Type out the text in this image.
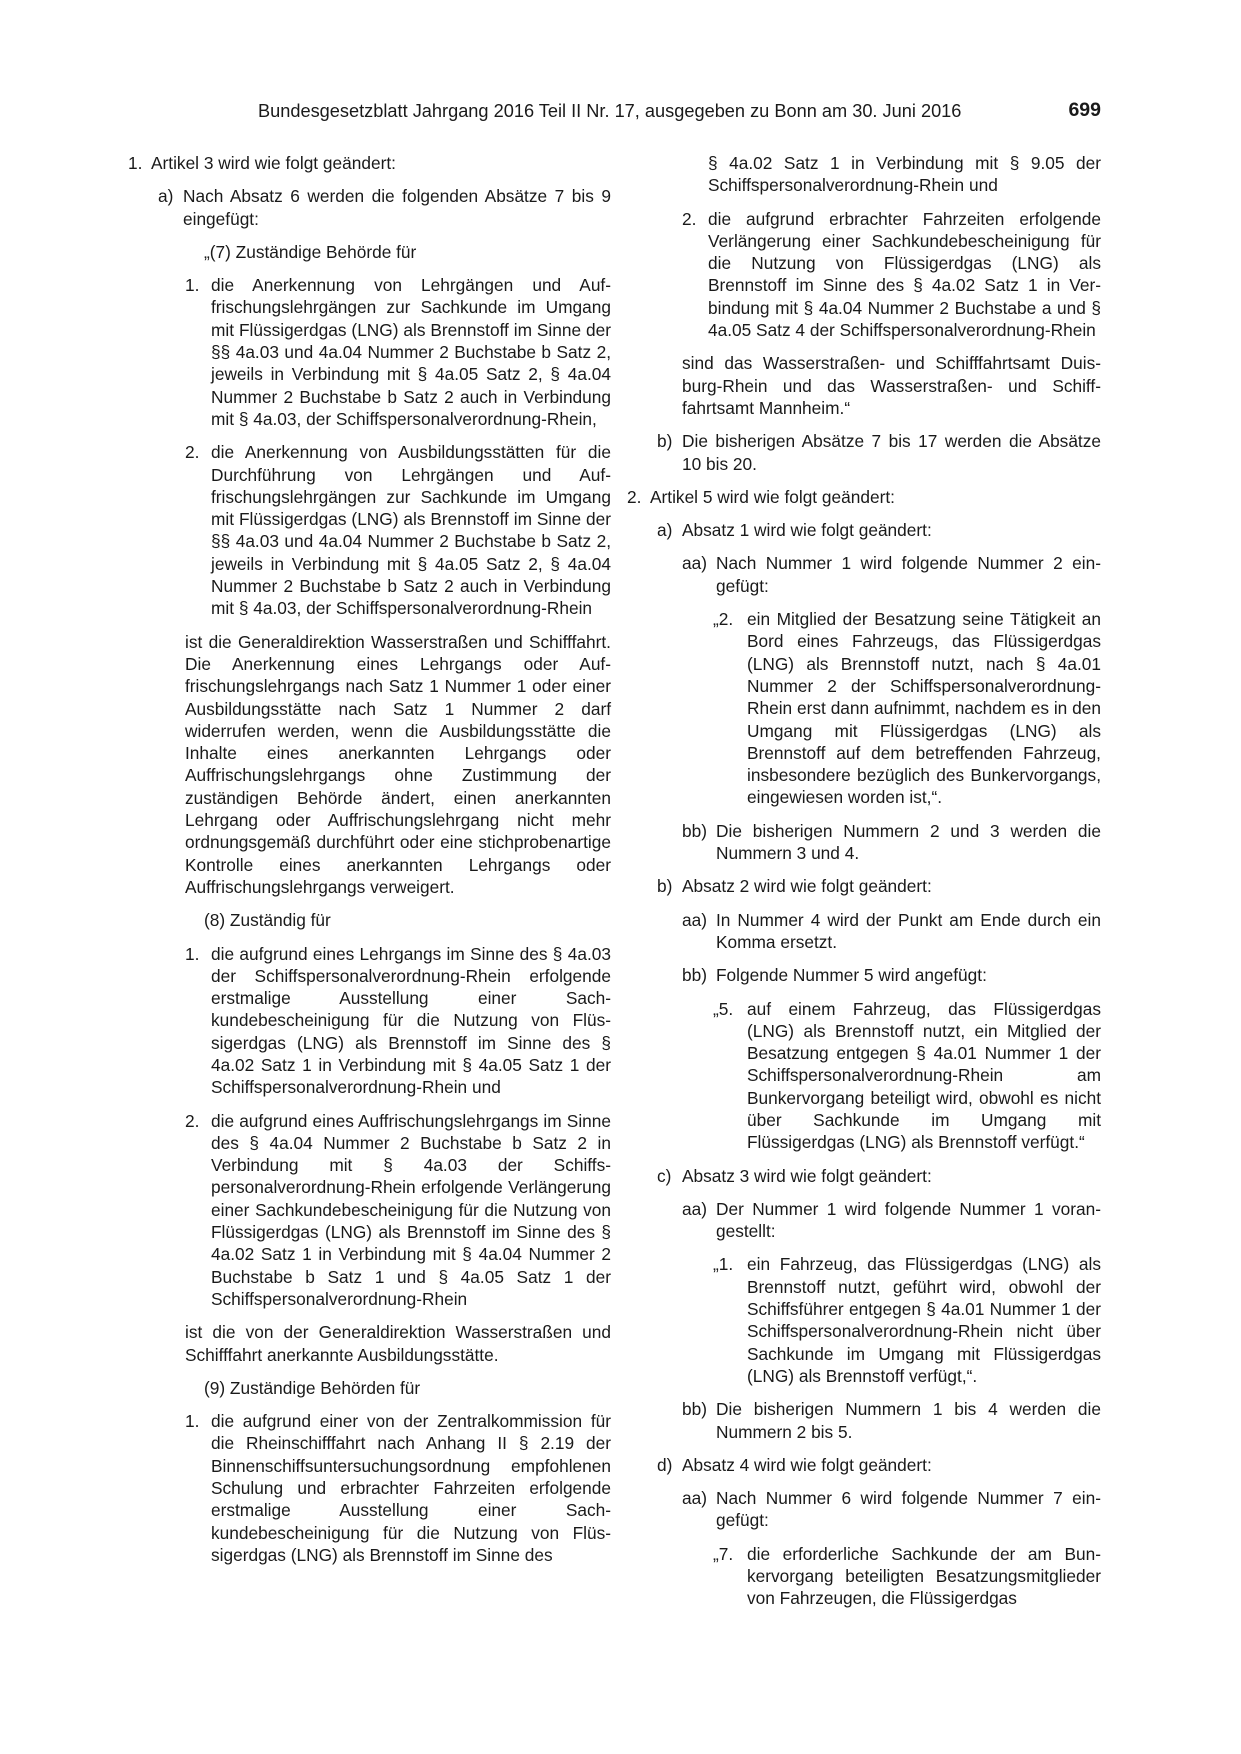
Bundesgesetzblatt Jahrgang 2016 Teil II Nr. 17, ausgegeben zu Bonn am 30. Juni 2016	699
1. Artikel 3 wird wie folgt geändert:
a) Nach Absatz 6 werden die folgenden Absätze 7 bis 9 eingefügt:
„(7) Zuständige Behörde für
1. die Anerkennung von Lehrgängen und Auffrischungslehrgängen zur Sachkunde im Umgang mit Flüssigerdgas (LNG) als Brennstoff im Sinne der §§ 4a.03 und 4a.04 Nummer 2 Buchstabe b Satz 2, jeweils in Verbindung mit § 4a.05 Satz 2, § 4a.04 Nummer 2 Buchstabe b Satz 2 auch in Verbindung mit § 4a.03, der Schiffspersonalverordnung-Rhein,
2. die Anerkennung von Ausbildungsstätten für die Durchführung von Lehrgängen und Auffrischungslehrgängen zur Sachkunde im Umgang mit Flüssigerdgas (LNG) als Brennstoff im Sinne der §§ 4a.03 und 4a.04 Nummer 2 Buchstabe b Satz 2, jeweils in Verbindung mit § 4a.05 Satz 2, § 4a.04 Nummer 2 Buchstabe b Satz 2 auch in Verbindung mit § 4a.03, der Schiffspersonalverordnung-Rhein
ist die Generaldirektion Wasserstraßen und Schifffahrt. Die Anerkennung eines Lehrgangs oder Auffrischungslehrgangs nach Satz 1 Nummer 1 oder einer Ausbildungsstätte nach Satz 1 Nummer 2 darf widerrufen werden, wenn die Ausbildungsstätte die Inhalte eines anerkannten Lehrgangs oder Auffrischungslehrgangs ohne Zustimmung der zuständigen Behörde ändert, einen anerkannten Lehrgang oder Auffrischungslehrgang nicht mehr ordnungsgemäß durchführt oder eine stichprobenartige Kontrolle eines anerkannten Lehrgangs oder Auffrischungslehrgangs verweigert.
(8) Zuständig für
1. die aufgrund eines Lehrgangs im Sinne des § 4a.03 der Schiffspersonalverordnung-Rhein erfolgende erstmalige Ausstellung einer Sachkundebescheinigung für die Nutzung von Flüssigerdgas (LNG) als Brennstoff im Sinne des § 4a.02 Satz 1 in Verbindung mit § 4a.05 Satz 1 der Schiffspersonalverordnung-Rhein und
2. die aufgrund eines Auffrischungslehrgangs im Sinne des § 4a.04 Nummer 2 Buchstabe b Satz 2 in Verbindung mit § 4a.03 der Schiffspersonalverordnung-Rhein erfolgende Verlängerung einer Sachkundebescheinigung für die Nutzung von Flüssigerdgas (LNG) als Brennstoff im Sinne des § 4a.02 Satz 1 in Verbindung mit § 4a.04 Nummer 2 Buchstabe b Satz 1 und § 4a.05 Satz 1 der Schiffspersonalverordnung-Rhein
ist die von der Generaldirektion Wasserstraßen und Schifffahrt anerkannte Ausbildungsstätte.
(9) Zuständige Behörden für
1. die aufgrund einer von der Zentralkommission für die Rheinschifffahrt nach Anhang II § 2.19 der Binnenschiffsuntersuchungsordnung empfohlenen Schulung und erbrachter Fahrzeiten erfolgende erstmalige Ausstellung einer Sachkundebescheinigung für die Nutzung von Flüssigerdgas (LNG) als Brennstoff im Sinne des
§ 4a.02 Satz 1 in Verbindung mit § 9.05 der Schiffspersonalverordnung-Rhein und
2. die aufgrund erbrachter Fahrzeiten erfolgende Verlängerung einer Sachkundebescheinigung für die Nutzung von Flüssigerdgas (LNG) als Brennstoff im Sinne des § 4a.02 Satz 1 in Verbindung mit § 4a.04 Nummer 2 Buchstabe a und § 4a.05 Satz 4 der Schiffspersonalverordnung-Rhein
sind das Wasserstraßen- und Schifffahrtsamt Duisburg-Rhein und das Wasserstraßen- und Schifffahrtsamt Mannheim.“
b) Die bisherigen Absätze 7 bis 17 werden die Absätze 10 bis 20.
2. Artikel 5 wird wie folgt geändert:
a) Absatz 1 wird wie folgt geändert:
aa) Nach Nummer 1 wird folgende Nummer 2 eingefügt:
„2. ein Mitglied der Besatzung seine Tätigkeit an Bord eines Fahrzeugs, das Flüssigerdgas (LNG) als Brennstoff nutzt, nach § 4a.01 Nummer 2 der Schiffspersonalverordnung-Rhein erst dann aufnimmt, nachdem es in den Umgang mit Flüssigerdgas (LNG) als Brennstoff auf dem betreffenden Fahrzeug, insbesondere bezüglich des Bunkervorgangs, eingewiesen worden ist,“.
bb) Die bisherigen Nummern 2 und 3 werden die Nummern 3 und 4.
b) Absatz 2 wird wie folgt geändert:
aa) In Nummer 4 wird der Punkt am Ende durch ein Komma ersetzt.
bb) Folgende Nummer 5 wird angefügt:
„5. auf einem Fahrzeug, das Flüssigerdgas (LNG) als Brennstoff nutzt, ein Mitglied der Besatzung entgegen § 4a.01 Nummer 1 der Schiffspersonalverordnung-Rhein am Bunkervorgang beteiligt wird, obwohl es nicht über Sachkunde im Umgang mit Flüssigerdgas (LNG) als Brennstoff verfügt.“
c) Absatz 3 wird wie folgt geändert:
aa) Der Nummer 1 wird folgende Nummer 1 vorangestellt:
„1. ein Fahrzeug, das Flüssigerdgas (LNG) als Brennstoff nutzt, geführt wird, obwohl der Schiffsführer entgegen § 4a.01 Nummer 1 der Schiffspersonalverordnung-Rhein nicht über Sachkunde im Umgang mit Flüssigerdgas (LNG) als Brennstoff verfügt,“.
bb) Die bisherigen Nummern 1 bis 4 werden die Nummern 2 bis 5.
d) Absatz 4 wird wie folgt geändert:
aa) Nach Nummer 6 wird folgende Nummer 7 eingefügt:
„7. die erforderliche Sachkunde der am Bunkervorgang beteiligten Besatzungsmitglieder von Fahrzeugen, die Flüssigerdgas
